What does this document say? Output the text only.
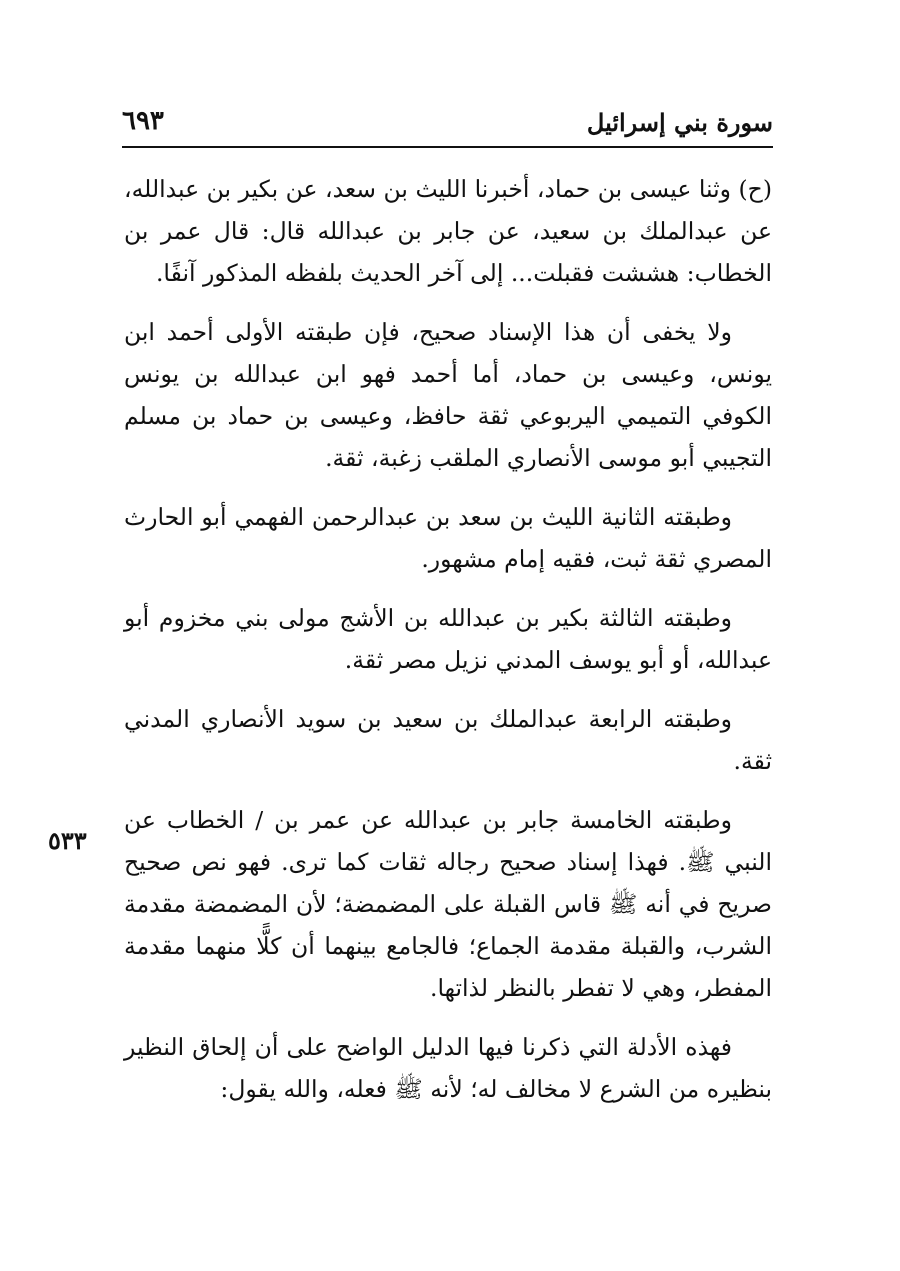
٦٩٣	سورة بني إسرائيل
٥٣٣

(ح) وثنا عيسى بن حماد، أخبرنا الليث بن سعد، عن بكير بن عبدالله، عن عبدالملك بن سعيد، عن جابر بن عبدالله قال: قال عمر بن الخطاب: هششت فقبلت... إلى آخر الحديث بلفظه المذكور آنفًا.

ولا يخفى أن هذا الإسناد صحيح، فإن طبقته الأولى أحمد ابن يونس، وعيسى بن حماد، أما أحمد فهو ابن عبدالله بن يونس الكوفي التميمي اليربوعي ثقة حافظ، وعيسى بن حماد بن مسلم التجيبي أبو موسى الأنصاري الملقب زغبة، ثقة.

وطبقته الثانية الليث بن سعد بن عبدالرحمن الفهمي أبو الحارث المصري ثقة ثبت، فقيه إمام مشهور.

وطبقته الثالثة بكير بن عبدالله بن الأشج مولى بني مخزوم أبو عبدالله، أو أبو يوسف المدني نزيل مصر ثقة.

وطبقته الرابعة عبدالملك بن سعيد بن سويد الأنصاري المدني ثقة.

وطبقته الخامسة جابر بن عبدالله عن عمر بن / الخطاب عن النبي ﷺ. فهذا إسناد صحيح رجاله ثقات كما ترى. فهو نص صحيح صريح في أنه ﷺ قاس القبلة على المضمضة؛ لأن المضمضة مقدمة الشرب، والقبلة مقدمة الجماع؛ فالجامع بينهما أن كلًّا منهما مقدمة المفطر، وهي لا تفطر بالنظر لذاتها.

فهذه الأدلة التي ذكرنا فيها الدليل الواضح على أن إلحاق النظير بنظيره من الشرع لا مخالف له؛ لأنه ﷺ فعله، والله يقول:
